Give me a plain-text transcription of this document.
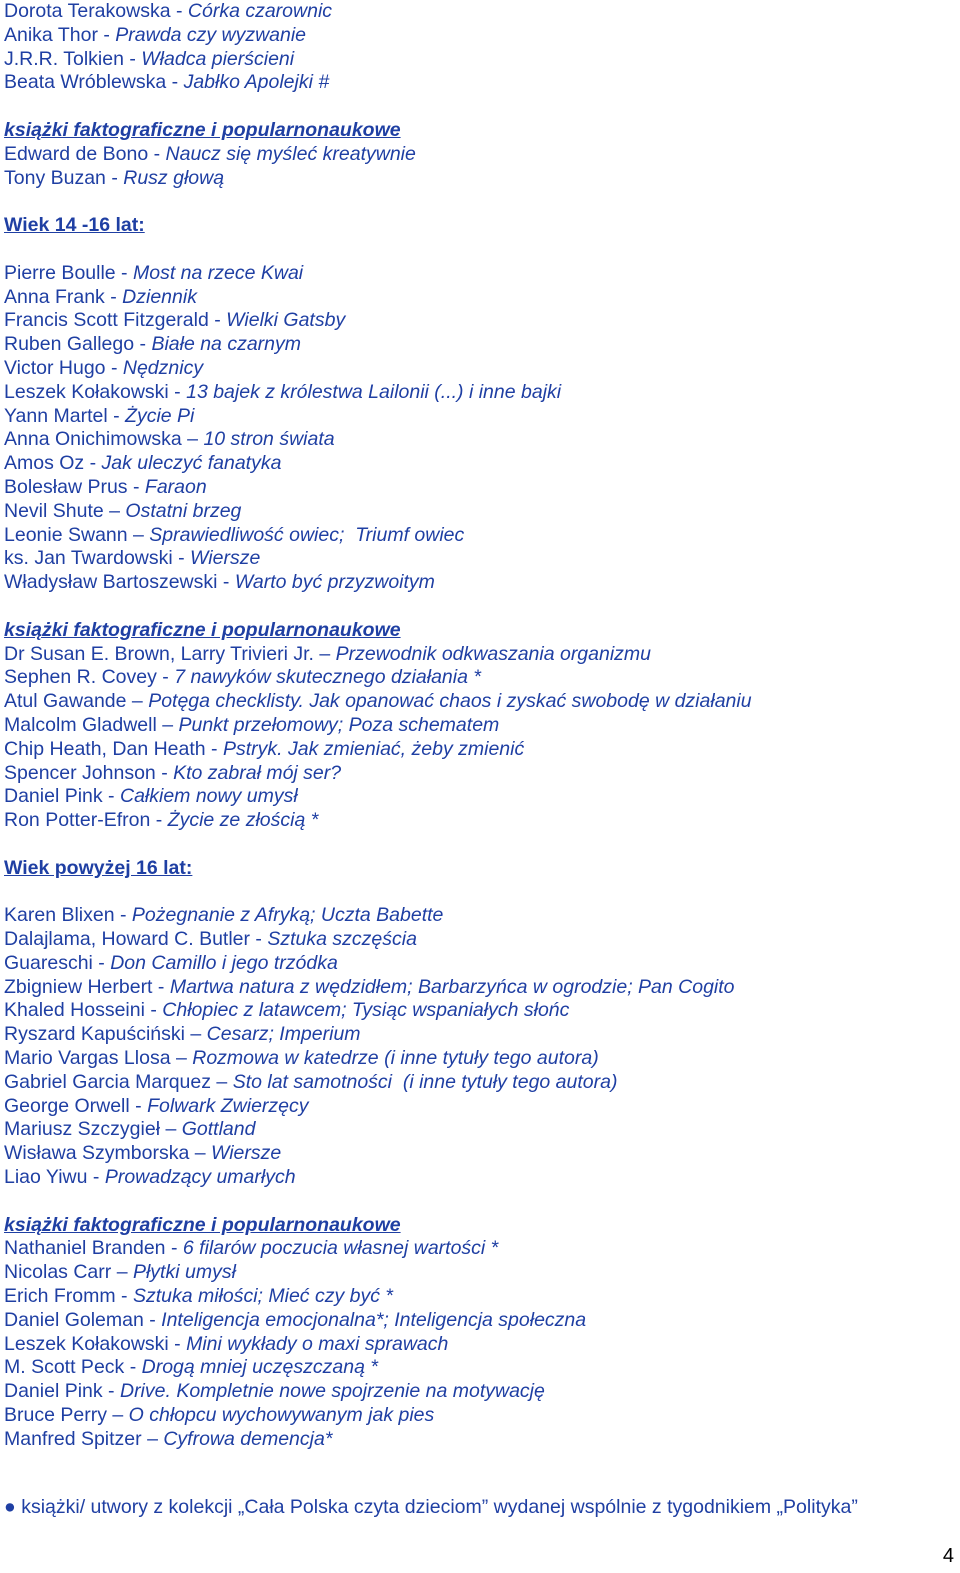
Dorota Terakowska - Córka czarownic
Anika Thor - Prawda czy wyzwanie
J.R.R. Tolkien - Władca pierścieni
Beata Wróblewska - Jabłko Apolejki #
książki faktograficzne i popularnonaukowe
Edward de Bono - Naucz się myśleć kreatywnie
Tony Buzan - Rusz głową
Wiek 14 -16 lat:
Pierre Boulle - Most na rzece Kwai
Anna Frank - Dziennik
Francis Scott Fitzgerald - Wielki Gatsby
Ruben Gallego - Białe na czarnym
Victor Hugo - Nędznicy
Leszek Kołakowski - 13 bajek z królestwa Lailonii (...) i inne bajki
Yann Martel - Życie Pi
Anna Onichimowska – 10 stron świata
Amos Oz - Jak uleczyć fanatyka
Bolesław Prus - Faraon
Nevil Shute – Ostatni brzeg
Leonie Swann – Sprawiedliwość owiec;  Triumf owiec
ks. Jan Twardowski - Wiersze
Władysław Bartoszewski - Warto być przyzwoitym
książki faktograficzne i popularnonaukowe
Dr Susan E. Brown, Larry Trivieri Jr. – Przewodnik odkwaszania organizmu
Sephen R. Covey - 7 nawyków skutecznego działania *
Atul Gawande – Potęga checklisty. Jak opanować chaos i zyskać swobodę w działaniu
Malcolm Gladwell – Punkt przełomowy; Poza schematem
Chip Heath, Dan Heath - Pstryk. Jak zmieniać, żeby zmienić
Spencer Johnson - Kto zabrał mój ser?
Daniel Pink - Całkiem nowy umysł
Ron Potter-Efron - Życie ze złością *
Wiek powyżej 16 lat:
Karen Blixen - Pożegnanie z Afryką; Uczta Babette
Dalajlama, Howard C. Butler - Sztuka szczęścia
Guareschi - Don Camillo i jego trzódka
Zbigniew Herbert - Martwa natura z wędzidłem; Barbarzyńca w ogrodzie; Pan Cogito
Khaled Hosseini - Chłopiec z latawcem; Tysiąc wspaniałych słońc
Ryszard Kapuściński – Cesarz; Imperium
Mario Vargas Llosa – Rozmowa w katedrze (i inne tytuły tego autora)
Gabriel Garcia Marquez – Sto lat samotności  (i inne tytuły tego autora)
George Orwell - Folwark Zwierzęcy
Mariusz Szczygieł – Gottland
Wisława Szymborska – Wiersze
Liao Yiwu - Prowadzący umarłych
książki faktograficzne i popularnonaukowe
Nathaniel Branden - 6 filarów poczucia własnej wartości *
Nicolas Carr – Płytki umysł
Erich Fromm - Sztuka miłości; Mieć czy być *
Daniel Goleman - Inteligencja emocjonalna*; Inteligencja społeczna
Leszek Kołakowski - Mini wykłady o maxi sprawach
M. Scott Peck - Drogą mniej uczęszczaną *
Daniel Pink - Drive. Kompletnie nowe spojrzenie na motywację
Bruce Perry – O chłopcu wychowywanym jak pies
Manfred Spitzer – Cyfrowa demencja*
● książki/ utwory z kolekcji „Cała Polska czyta dzieciom” wydanej wspólnie z tygodnikiem „Polityka”
4
